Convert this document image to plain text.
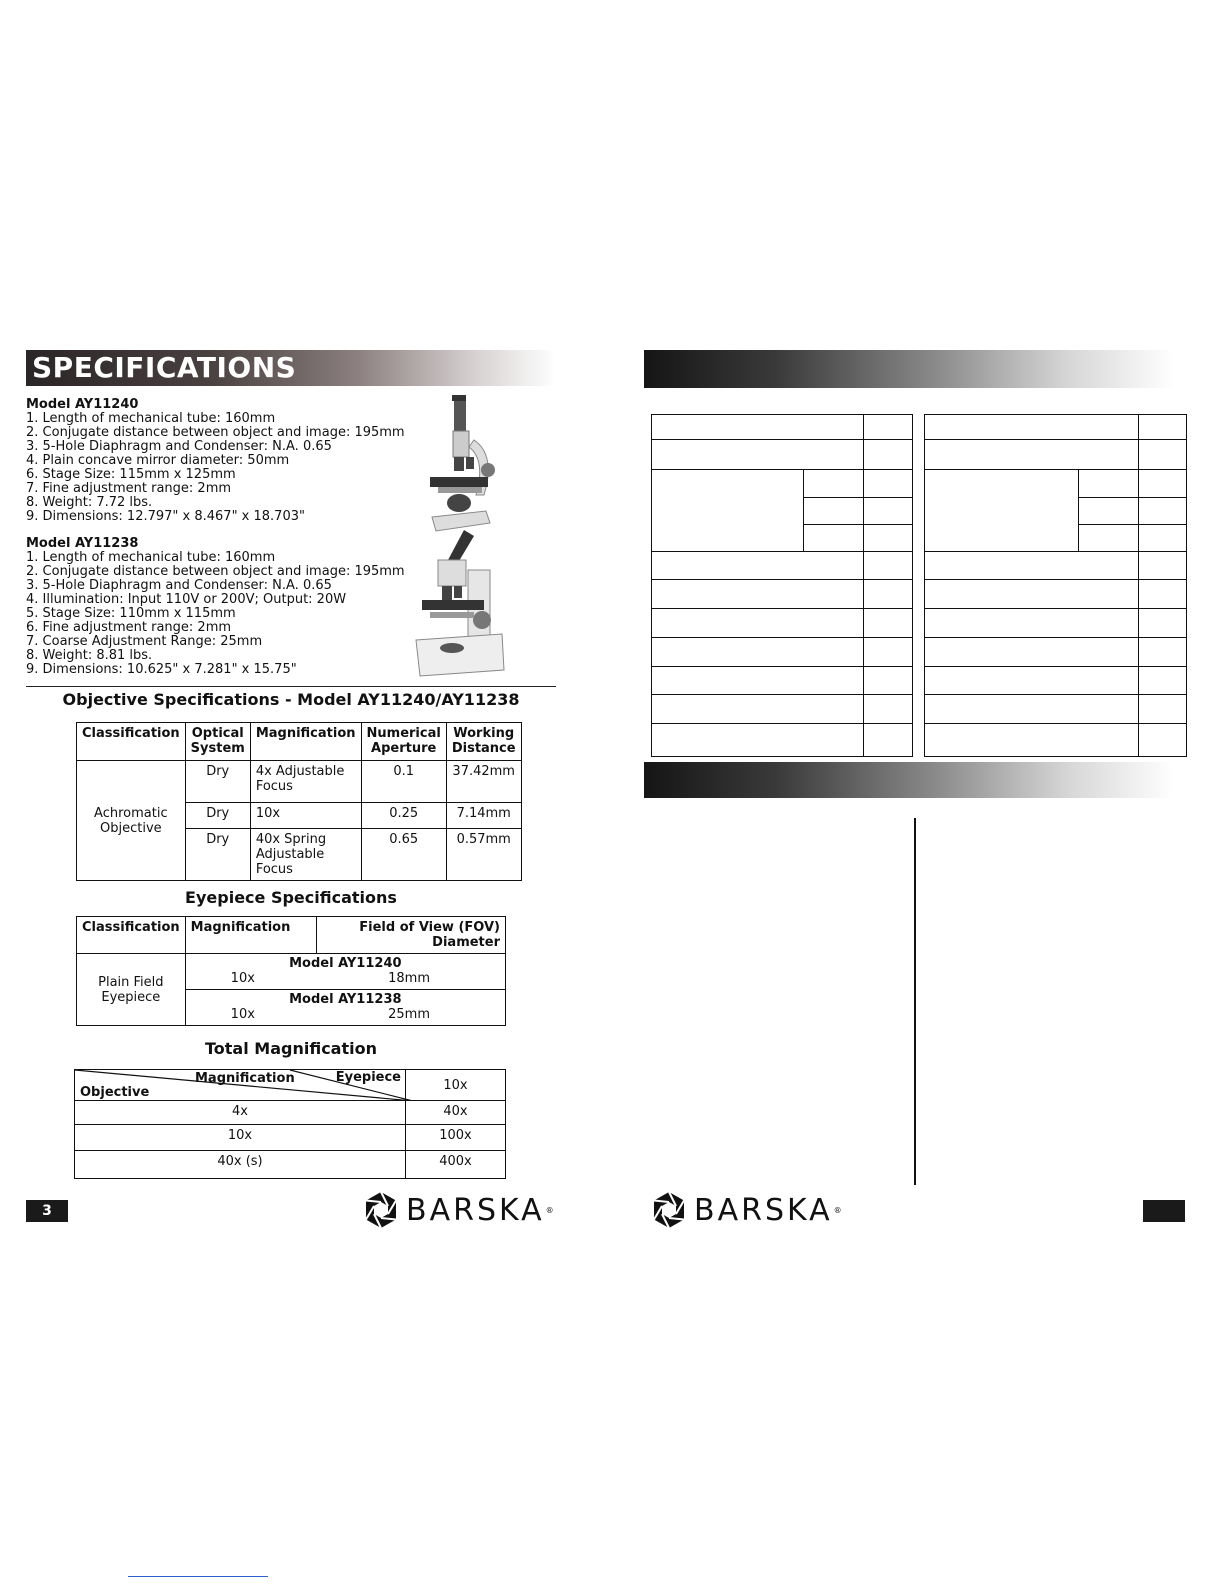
SPECIFICATIONS
Model AY11240
1. Length of mechanical tube: 160mm
2. Conjugate distance between object and image: 195mm
3. 5-Hole Diaphragm and Condenser: N.A. 0.65
4. Plain concave mirror diameter: 50mm
6. Stage Size: 115mm x 125mm
7. Fine adjustment range: 2mm
8. Weight: 7.72 lbs.
9. Dimensions: 12.797" x 8.467" x 18.703"
Model AY11238
1. Length of mechanical tube: 160mm
2. Conjugate distance between object and image: 195mm
3. 5-Hole Diaphragm and Condenser: N.A. 0.65
4. Illumination: Input 110V or 200V; Output: 20W
5. Stage Size: 110mm x 115mm
6. Fine adjustment range: 2mm
7. Coarse Adjustment Range: 25mm
8. Weight: 8.81 lbs.
9. Dimensions: 10.625" x 7.281" x 15.75"
Objective Specifications - Model AY11240/AY11238
Classification	Optical System	Magnification	Numerical Aperture	Working Distance
Achromatic Objective	Dry	4x Adjustable Focus	0.1	37.42mm
	Dry	10x	0.25	7.14mm
	Dry	40x Spring Adjustable Focus	0.65	0.57mm
Eyepiece Specifications
Classification	Magnification	Field of View (FOV) Diameter
Plain Field Eyepiece	Model AY11240
10x 18mm	

	Model AY11238
10x 25mm	
Total Magnification
Magnification Eyepiece
Objective	10x
4x	40x
10x	100x
40x (s)	400x
3	BARSKA ®

		BARSKA ®
